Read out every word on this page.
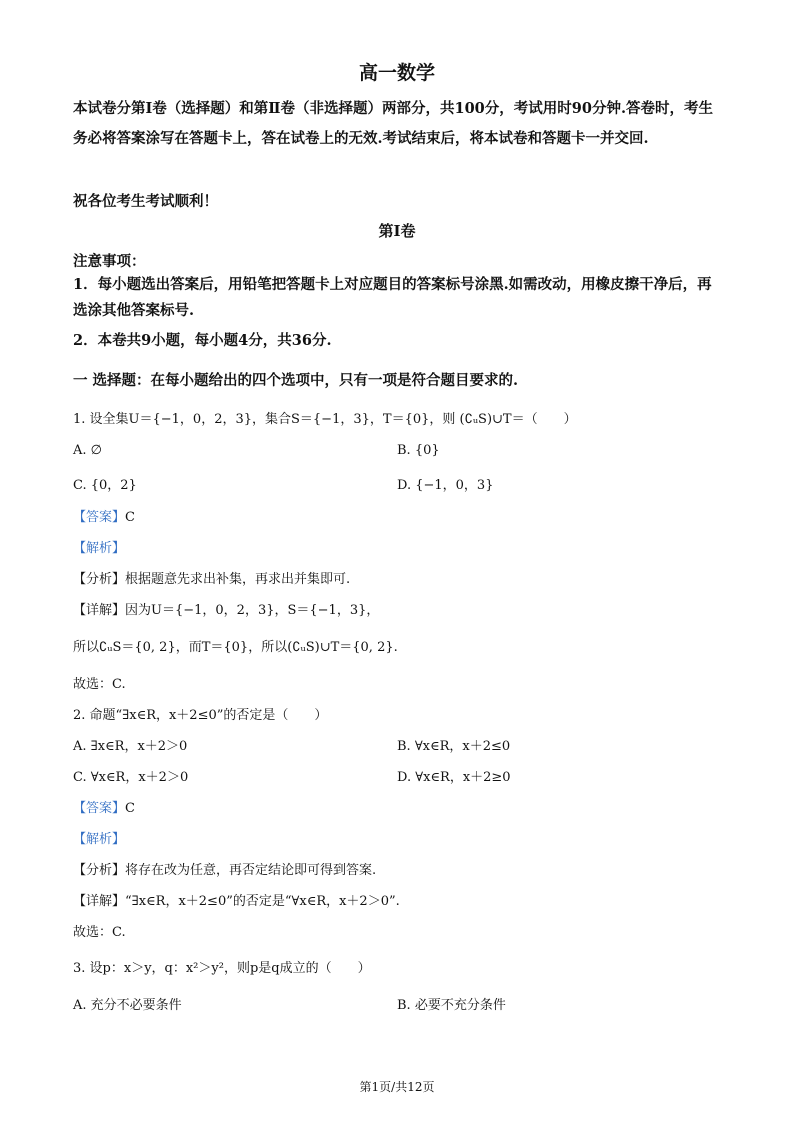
高一数学
本试卷分第Ⅰ卷（选择题）和第Ⅱ卷（非选择题）两部分，共100分，考试用时90分钟.答卷时，考生务必将答案涂写在答题卡上，答在试卷上的无效.考试结束后，将本试卷和答题卡一并交回.
祝各位考生考试顺利！
第Ⅰ卷
注意事项：
1．每小题选出答案后，用铅笔把答题卡上对应题目的答案标号涂黑.如需改动，用橡皮擦干净后，再选涂其他答案标号.
2．本卷共9小题，每小题4分，共36分.
一 选择题：在每小题给出的四个选项中，只有一项是符合题目要求的.
1. 设全集U＝{−1，0，2，3}，集合S＝{−1，3}，T＝{0}，则 (∁ᵤS)∪T＝（　　）
A. ∅	B. {0}
C. {0，2}	D. {−1，0，3}
【答案】C
【解析】
【分析】根据题意先求出补集，再求出并集即可.
【详解】因为U＝{−1，0，2，3}，S＝{−1，3}，
所以∁ᵤS＝{0, 2}，而T＝{0}，所以(∁ᵤS)∪T＝{0, 2}.
故选：C.
2. 命题“∃x∈R，x＋2≤0”的否定是（　　）
A. ∃x∈R，x＋2＞0	B. ∀x∈R，x＋2≤0
C. ∀x∈R，x＋2＞0	D. ∀x∈R，x＋2≥0
【答案】C
【解析】
【分析】将存在改为任意，再否定结论即可得到答案.
【详解】“∃x∈R，x＋2≤0”的否定是“∀x∈R，x＋2＞0”.
故选：C.
3. 设p：x＞y，q：x²＞y²，则p是q成立的（　　）
A. 充分不必要条件	B. 必要不充分条件
第1页/共12页
